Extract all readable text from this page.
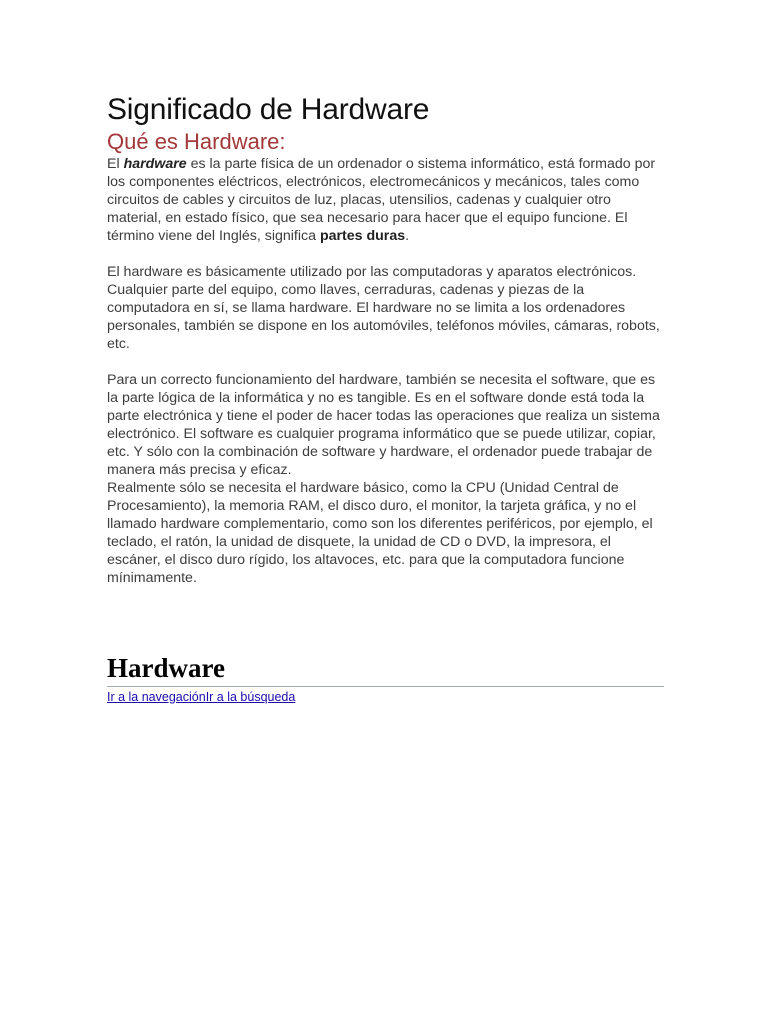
Significado de Hardware
Qué es Hardware:

El hardware es la parte física de un ordenador o sistema informático, está formado por los componentes eléctricos, electrónicos, electromecánicos y mecánicos, tales como circuitos de cables y circuitos de luz, placas, utensilios, cadenas y cualquier otro material, en estado físico, que sea necesario para hacer que el equipo funcione. El término viene del Inglés, significa partes duras.

El hardware es básicamente utilizado por las computadoras y aparatos electrónicos. Cualquier parte del equipo, como llaves, cerraduras, cadenas y piezas de la computadora en sí, se llama hardware. El hardware no se limita a los ordenadores personales, también se dispone en los automóviles, teléfonos móviles, cámaras, robots, etc.

Para un correcto funcionamiento del hardware, también se necesita el software, que es la parte lógica de la informática y no es tangible. Es en el software donde está toda la parte electrónica y tiene el poder de hacer todas las operaciones que realiza un sistema electrónico. El software es cualquier programa informático que se puede utilizar, copiar, etc. Y sólo con la combinación de software y hardware, el ordenador puede trabajar de manera más precisa y eficaz.

Realmente sólo se necesita el hardware básico, como la CPU (Unidad Central de Procesamiento), la memoria RAM, el disco duro, el monitor, la tarjeta gráfica, y no el llamado hardware complementario, como son los diferentes periféricos, por ejemplo, el teclado, el ratón, la unidad de disquete, la unidad de CD o DVD, la impresora, el escáner, el disco duro rígido, los altavoces, etc. para que la computadora funcione mínimamente.

Hardware
Ir a la navegaciónIr a la búsqueda
